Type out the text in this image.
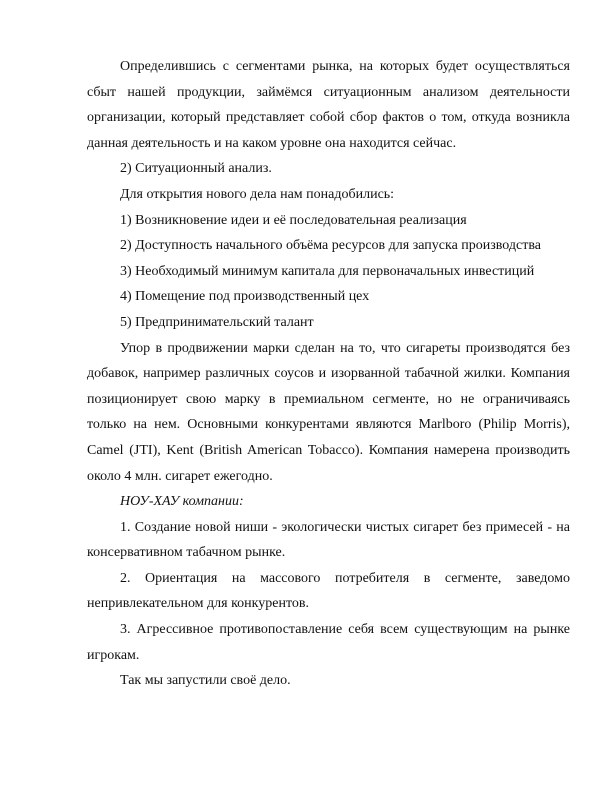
Определившись с сегментами рынка, на которых будет осуществляться сбыт нашей продукции, займёмся ситуационным анализом деятельности организации, который представляет собой сбор фактов о том, откуда возникла данная деятельность и на каком уровне она находится сейчас.

2) Ситуационный анализ.

Для открытия нового дела нам понадобились:

1) Возникновение идеи и её последовательная реализация

2) Доступность начального объёма ресурсов для запуска производства

3) Необходимый минимум капитала для первоначальных инвестиций

4) Помещение под производственный цех

5) Предпринимательский талант

Упор в продвижении марки сделан на то, что сигареты производятся без добавок, например различных соусов и изорванной табачной жилки. Компания позиционирует свою марку в премиальном сегменте, но не ограничиваясь только на нем. Основными конкурентами являются Marlboro (Philip Morris), Camel (JTI), Kent (British American Tobacco). Компания намерена производить около 4 млн. сигарет ежегодно.

НОУ-ХАУ компании:

1. Создание новой ниши - экологически чистых сигарет без примесей - на консервативном табачном рынке.

2. Ориентация на массового потребителя в сегменте, заведомо непривлекательном для конкурентов.

3. Агрессивное противопоставление себя всем существующим на рынке игрокам.

Так мы запустили своё дело.
